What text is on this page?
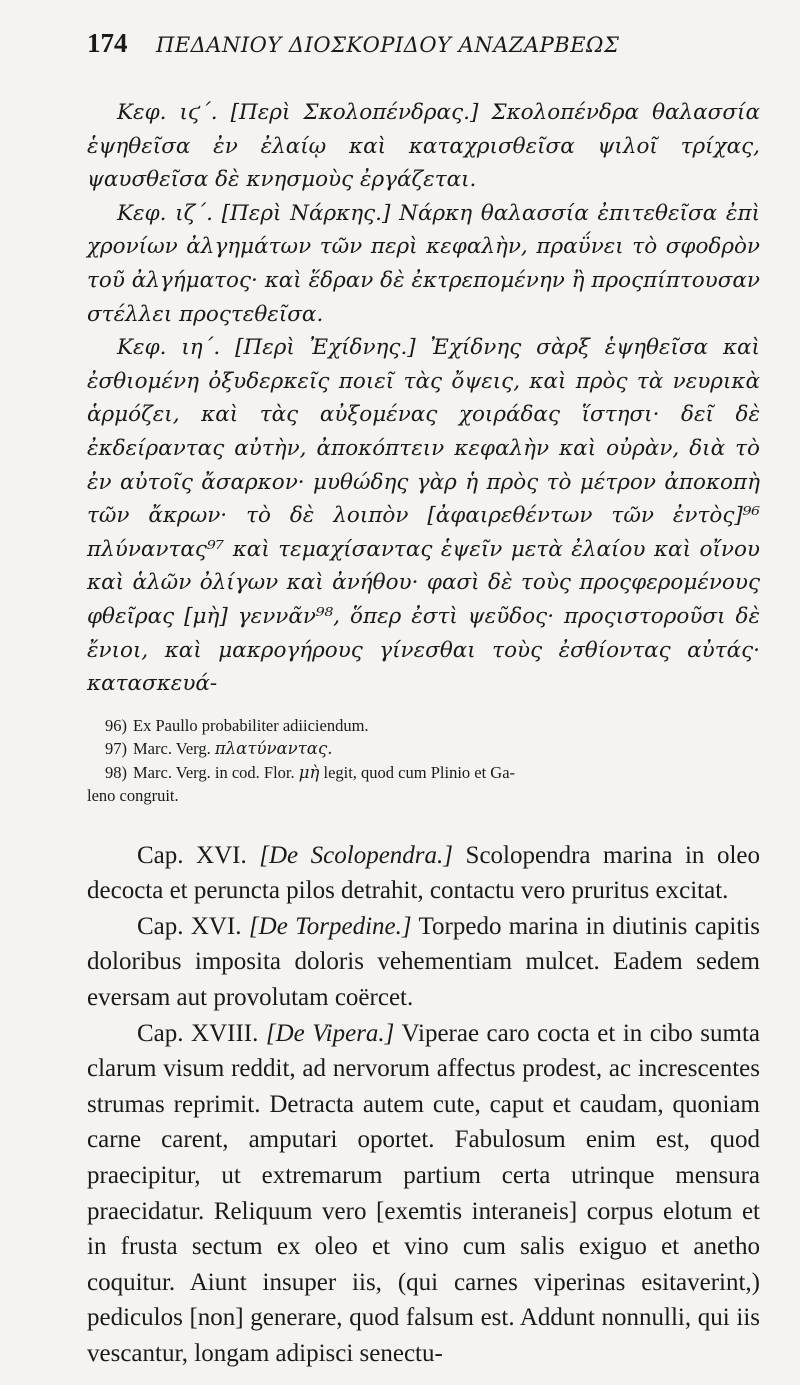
174 ΠΕΔΑΝΙΟΥ ΔΙΟΣΚΟΡΙΔΟΥ ΑΝΑΖΑΡΒΕΩΣ

Κεφ. ιϛ΄. [Περὶ Σκολοπένδρας.] Σκολοπένδρα θαλασσία ἑψηθεῖσα ἐν ἐλαίῳ καὶ καταχρισθεῖσα ψιλοῖ τρίχας, ψαυσθεῖσα δὲ κνησμοὺς ἐργάζεται.

Κεφ. ιζ΄. [Περὶ Νάρκης.] Νάρκη θαλασσία ἐπιτεθεῖσα ἐπὶ χρονίων ἀλγημάτων τῶν περὶ κεφαλὴν, πραΰνει τὸ σφοδρὸν τοῦ ἀλγήματος· καὶ ἕδραν δὲ ἐκτρεπομένην ἢ προςπίπτουσαν στέλλει προςτεθεῖσα.

Κεφ. ιη΄. [Περὶ Ἐχίδνης.] Ἐχίδνης σὰρξ ἑψηθεῖσα καὶ ἐσθιομένη ὀξυδερκεῖς ποιεῖ τὰς ὄψεις, καὶ πρὸς τὰ νευρικὰ ἁρμόζει, καὶ τὰς αὐξομένας χοιράδας ἵστησι· δεῖ δὲ ἐκδείραντας αὐτὴν, ἀποκόπτειν κεφαλὴν καὶ οὐρὰν, διὰ τὸ ἐν αὐτοῖς ἄσαρκον· μυθώδης γὰρ ἡ πρὸς τὸ μέτρον ἀποκοπὴ τῶν ἄκρων· τὸ δὲ λοιπὸν [ἀφαιρεθέντων τῶν ἐντὸς]⁹⁶ πλύναντας⁹⁷ καὶ τεμαχίσαντας ἑψεῖν μετὰ ἐλαίου καὶ οἴνου καὶ ἁλῶν ὀλίγων καὶ ἀνήθου· φασὶ δὲ τοὺς προςφερομένους φθεῖρας [μὴ] γεννᾶν⁹⁸, ὅπερ ἐστὶ ψεῦδος· προςιστοροῦσι δὲ ἔνιοι, καὶ μακρογήρους γίνεσθαι τοὺς ἐσθίοντας αὐτάς· κατασκευά-

96) Ex Paullo probabiliter adiiciendum.
97) Marc. Verg. πλατύναντας.
98) Marc. Verg. in cod. Flor. μὴ legit, quod cum Plinio et Ga-
leno congruit.

Cap. XVI. [De Scolopendra.] Scolopendra marina in oleo decocta et peruncta pilos detrahit, contactu vero pruritus excitat.

Cap. XVI. [De Torpedine.] Torpedo marina in diutinis capitis doloribus imposita doloris vehementiam mulcet. Eadem sedem eversam aut provolutam coërcet.

Cap. XVIII. [De Vipera.] Viperae caro cocta et in cibo sumta clarum visum reddit, ad nervorum affectus prodest, ac increscentes strumas reprimit. Detracta autem cute, caput et caudam, quoniam carne carent, amputari oportet. Fabulosum enim est, quod praecipitur, ut extremarum partium certa utrinque mensura praecidatur. Reliquum vero [exemtis interaneis] corpus elotum et in frusta sectum ex oleo et vino cum salis exiguo et anetho coquitur. Aiunt insuper iis, (qui carnes viperinas esitaverint,) pediculos [non] generare, quod falsum est. Addunt nonnulli, qui iis vescantur, longam adipisci senectu-
